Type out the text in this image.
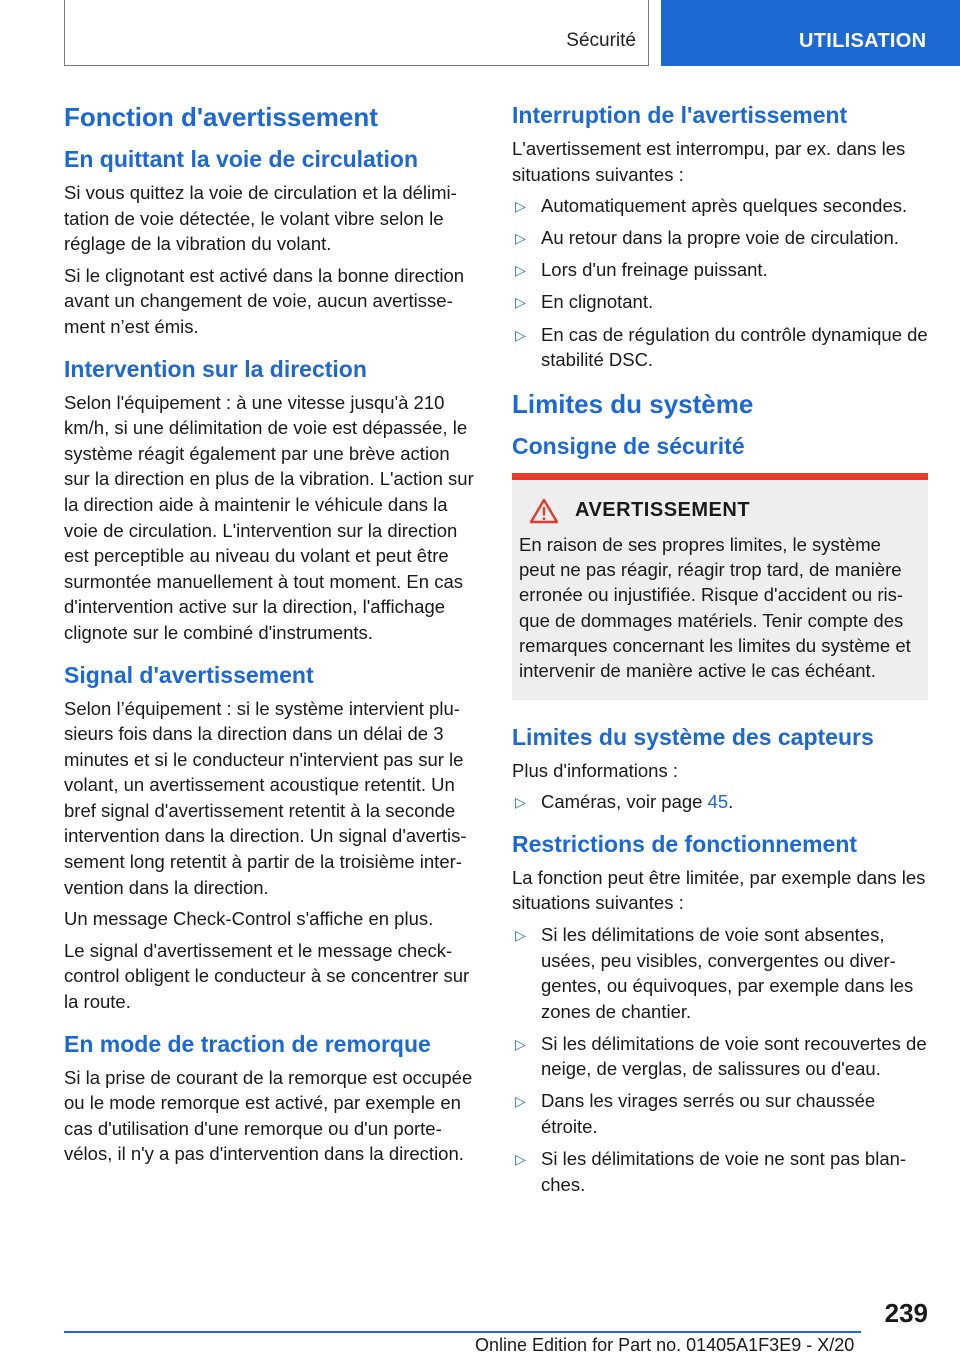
Sécurité	UTILISATION
Fonction d'avertissement
En quittant la voie de circulation

Si vous quittez la voie de circulation et la délimitation de voie détectée, le volant vibre selon le réglage de la vibration du volant.

Si le clignotant est activé dans la bonne direction avant un changement de voie, aucun avertissement n’est émis.

Intervention sur la direction

Selon l'équipement : à une vitesse jusqu'à 210 km/h, si une délimitation de voie est dépassée, le système réagit également par une brève action sur la direction en plus de la vibration. L'action sur la direction aide à maintenir le véhicule dans la voie de circulation. L'intervention sur la direction est perceptible au niveau du volant et peut être surmontée manuellement à tout moment. En cas d'intervention active sur la direction, l'affichage clignote sur le combiné d'instruments.

Signal d'avertissement

Selon l’équipement : si le système intervient plusieurs fois dans la direction dans un délai de 3 minutes et si le conducteur n'intervient pas sur le volant, un avertissement acoustique retentit. Un bref signal d'avertissement retentit à la seconde intervention dans la direction. Un signal d'avertissement long retentit à partir de la troisième intervention dans la direction.

Un message Check-Control s'affiche en plus.

Le signal d'avertissement et le message check-control obligent le conducteur à se concentrer sur la route.

En mode de traction de remorque

Si la prise de courant de la remorque est occupée ou le mode remorque est activé, par exemple en cas d'utilisation d'une remorque ou d'un porte-vélos, il n'y a pas d'intervention dans la direction.

Interruption de l'avertissement

L'avertissement est interrompu, par ex. dans les situations suivantes :

▷ Automatiquement après quelques secondes.
▷ Au retour dans la propre voie de circulation.
▷ Lors d'un freinage puissant.
▷ En clignotant.
▷ En cas de régulation du contrôle dynamique de stabilité DSC.
Limites du système
Consigne de sécurité
AVERTISSEMENT

En raison de ses propres limites, le système peut ne pas réagir, réagir trop tard, de manière erronée ou injustifiée. Risque d'accident ou risque de dommages matériels. Tenir compte des remarques concernant les limites du système et intervenir de manière active le cas échéant.

Limites du système des capteurs

Plus d'informations :

▷ Caméras, voir page 45.
Restrictions de fonctionnement

La fonction peut être limitée, par exemple dans les situations suivantes :

▷ Si les délimitations de voie sont absentes, usées, peu visibles, convergentes ou divergentes, ou équivoques, par exemple dans les zones de chantier.
▷ Si les délimitations de voie sont recouvertes de neige, de verglas, de salissures ou d'eau.
▷ Dans les virages serrés ou sur chaussée étroite.
▷ Si les délimitations de voie ne sont pas blanches.
239
Online Edition for Part no. 01405A1F3E9 - X/20
